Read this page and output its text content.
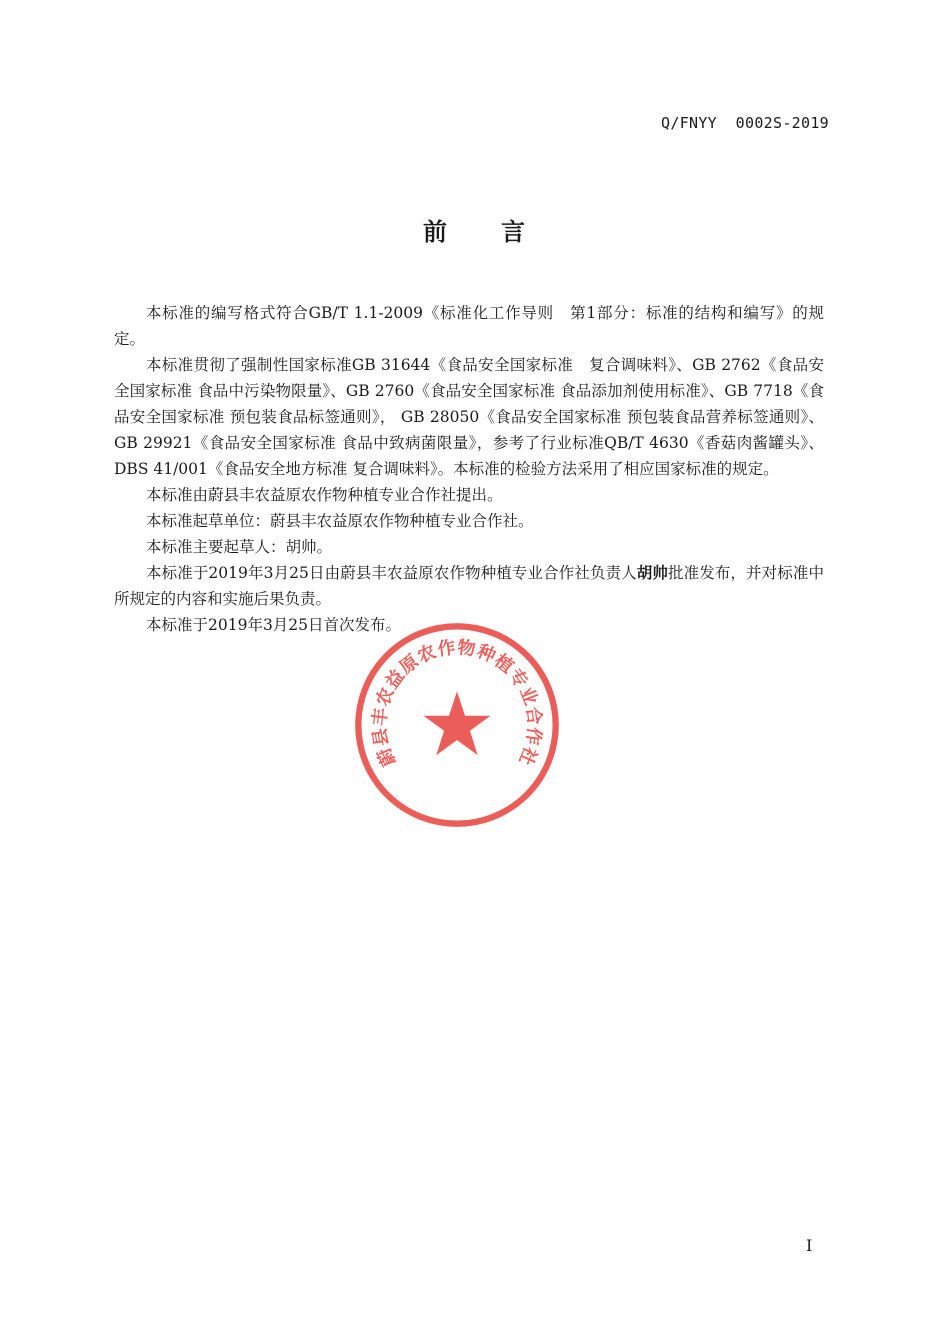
Q/FNYY  0002S-2019
前 言

本标准的编写格式符合GB/T 1.1-2009《标准化工作导则　第1部分：标准的结构和编写》的规定。

本标准贯彻了强制性国家标准GB 31644《食品安全国家标准　复合调味料》、GB 2762《食品安全国家标准 食品中污染物限量》、GB 2760《食品安全国家标准 食品添加剂使用标准》、GB 7718《食品安全国家标准 预包装食品标签通则》， GB 28050《食品安全国家标准 预包装食品营养标签通则》、GB 29921《食品安全国家标准 食品中致病菌限量》，参考了行业标准QB/T 4630《香菇肉酱罐头》、DBS 41/001《食品安全地方标准 复合调味料》。本标准的检验方法采用了相应国家标准的规定。

本标准由蔚县丰农益原农作物种植专业合作社提出。

本标准起草单位：蔚县丰农益原农作物种植专业合作社。

本标准主要起草人：胡帅。

本标准于2019年3月25日由蔚县丰农益原农作物种植专业合作社负责人胡帅批准发布，并对标准中所规定的内容和实施后果负责。

本标准于2019年3月25日首次发布。

蔚县丰农益原农作物种植专业合作社
I
